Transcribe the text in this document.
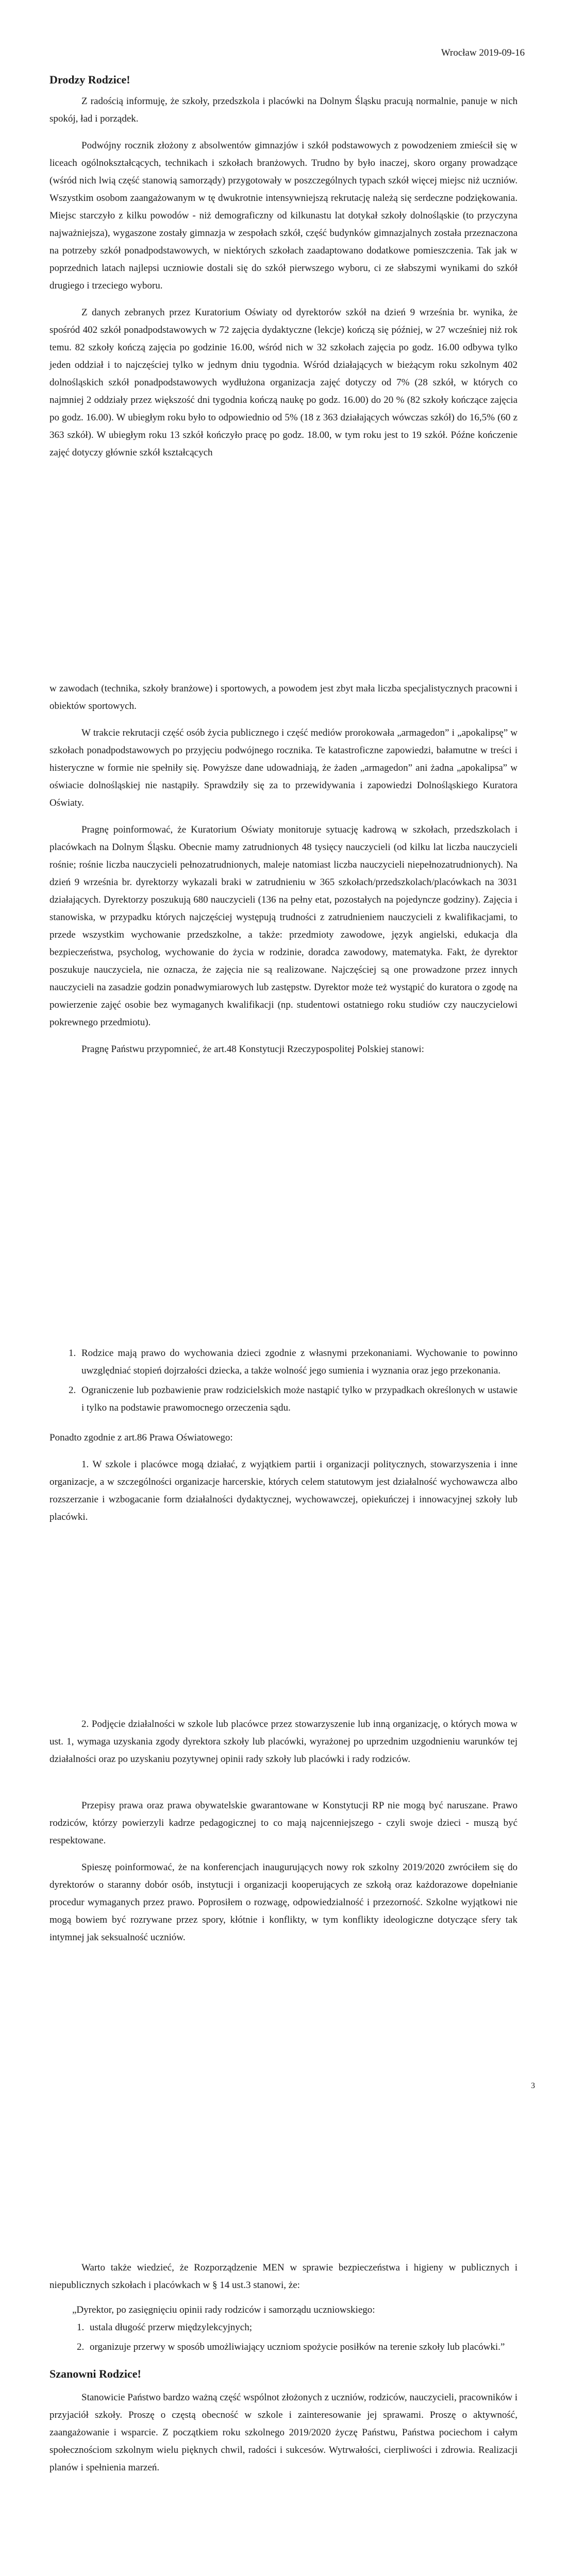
Wrocław 2019-09-16
Drodzy Rodzice!

Z radością informuję, że szkoły, przedszkola i placówki na Dolnym Śląsku pracują normalnie, panuje w nich spokój, ład i porządek.

Podwójny rocznik złożony z absolwentów gimnazjów i szkół podstawowych z powodzeniem zmieścił się w liceach ogólnokształcących, technikach i szkołach branżowych. Trudno by było inaczej, skoro organy prowadzące (wśród nich lwią część stanowią samorządy) przygotowały w poszczególnych typach szkół więcej miejsc niż uczniów. Wszystkim osobom zaangażowanym w tę dwukrotnie intensywniejszą rekrutację należą się serdeczne podziękowania. Miejsc starczyło z kilku powodów - niż demograficzny od kilkunastu lat dotykał szkoły dolnośląskie (to przyczyna najważniejsza), wygaszone zostały gimnazja w zespołach szkół, część budynków gimnazjalnych została przeznaczona na potrzeby szkół ponadpodstawowych, w niektórych szkołach zaadaptowano dodatkowe pomieszczenia. Tak jak w poprzednich latach najlepsi uczniowie dostali się do szkół pierwszego wyboru, ci ze słabszymi wynikami do szkół drugiego i trzeciego wyboru.

Z danych zebranych przez Kuratorium Oświaty od dyrektorów szkół na dzień 9 września br. wynika, że spośród 402 szkół ponadpodstawowych w 72 zajęcia dydaktyczne (lekcje) kończą się później, w 27 wcześniej niż rok temu. 82 szkoły kończą zajęcia po godzinie 16.00, wśród nich w 32 szkołach zajęcia po godz. 16.00 odbywa tylko jeden oddział i to najczęściej tylko w jednym dniu tygodnia. Wśród działających w bieżącym roku szkolnym 402 dolnośląskich szkół ponadpodstawowych wydłużona organizacja zajęć dotyczy od 7% (28 szkół, w których co najmniej 2 oddziały przez większość dni tygodnia kończą naukę po godz. 16.00) do 20 % (82 szkoły kończące zajęcia po godz. 16.00). W ubiegłym roku było to odpowiednio od 5% (18 z 363 działających wówczas szkół) do 16,5% (60 z 363 szkół). W ubiegłym roku 13 szkół kończyło pracę po godz. 18.00, w tym roku jest to 19 szkół. Późne kończenie zajęć dotyczy głównie szkół kształcących

w zawodach (technika, szkoły branżowe) i sportowych, a powodem jest zbyt mała liczba specjalistycznych pracowni i obiektów sportowych.

W trakcie rekrutacji część osób życia publicznego i część mediów prorokowała „armagedon” i „apokalipsę” w szkołach ponadpodstawowych po przyjęciu podwójnego rocznika. Te katastroficzne zapowiedzi, bałamutne w treści i histeryczne w formie nie spełniły się. Powyższe dane udowadniają, że żaden „armagedon” ani żadna „apokalipsa” w oświacie dolnośląskiej nie nastąpiły. Sprawdziły się za to przewidywania i zapowiedzi Dolnośląskiego Kuratora Oświaty.

Pragnę poinformować, że Kuratorium Oświaty monitoruje sytuację kadrową w szkołach, przedszkolach i placówkach na Dolnym Śląsku. Obecnie mamy zatrudnionych 48 tysięcy nauczycieli (od kilku lat liczba nauczycieli rośnie; rośnie liczba nauczycieli pełnozatrudnionych, maleje natomiast liczba nauczycieli niepełnozatrudnionych). Na dzień 9 września br. dyrektorzy wykazali braki w zatrudnieniu w 365 szkołach/przedszkolach/placówkach na 3031 działających. Dyrektorzy poszukują 680 nauczycieli (136 na pełny etat, pozostałych na pojedyncze godziny). Zajęcia i stanowiska, w przypadku których najczęściej występują trudności z zatrudnieniem nauczycieli z kwalifikacjami, to przede wszystkim wychowanie przedszkolne, a także: przedmioty zawodowe, język angielski, edukacja dla bezpieczeństwa, psycholog, wychowanie do życia w rodzinie, doradca zawodowy, matematyka. Fakt, że dyrektor poszukuje nauczyciela, nie oznacza, że zajęcia nie są realizowane. Najczęściej są one prowadzone przez innych nauczycieli na zasadzie godzin ponadwymiarowych lub zastępstw. Dyrektor może też wystąpić do kuratora o zgodę na powierzenie zajęć osobie bez wymaganych kwalifikacji (np. studentowi ostatniego roku studiów czy nauczycielowi pokrewnego przedmiotu).

Pragnę Państwu przypomnieć, że art.48 Konstytucji Rzeczypospolitej Polskiej stanowi:

1. Rodzice mają prawo do wychowania dzieci zgodnie z własnymi przekonaniami. Wychowanie to powinno uwzględniać stopień dojrzałości dziecka, a także wolność jego sumienia i wyznania oraz jego przekonania.
2. Ograniczenie lub pozbawienie praw rodzicielskich może nastąpić tylko w przypadkach określonych w ustawie i tylko na podstawie prawomocnego orzeczenia sądu.

Ponadto zgodnie z art.86 Prawa Oświatowego:

1. W szkole i placówce mogą działać, z wyjątkiem partii i organizacji politycznych, stowarzyszenia i inne organizacje, a w szczególności organizacje harcerskie, których celem statutowym jest działalność wychowawcza albo rozszerzanie i wzbogacanie form działalności dydaktycznej, wychowawczej, opiekuńczej i innowacyjnej szkoły lub placówki.

2. Podjęcie działalności w szkole lub placówce przez stowarzyszenie lub inną organizację, o których mowa w ust. 1, wymaga uzyskania zgody dyrektora szkoły lub placówki, wyrażonej po uprzednim uzgodnieniu warunków tej działalności oraz po uzyskaniu pozytywnej opinii rady szkoły lub placówki i rady rodziców.

Przepisy prawa oraz prawa obywatelskie gwarantowane w Konstytucji RP nie mogą być naruszane. Prawo rodziców, którzy powierzyli kadrze pedagogicznej to co mają najcenniejszego - czyli swoje dzieci - muszą być respektowane.

Spieszę poinformować, że na konferencjach inaugurujących nowy rok szkolny 2019/2020 zwróciłem się do dyrektorów o staranny dobór osób, instytucji i organizacji kooperujących ze szkołą oraz każdorazowe dopełnianie procedur wymaganych przez prawo. Poprosiłem o rozwagę, odpowiedzialność i przezorność. Szkolne wyjątkowi nie mogą bowiem być rozrywane przez spory, kłótnie i konflikty, w tym konflikty ideologiczne dotyczące sfery tak intymnej jak seksualność uczniów.

3

Warto także wiedzieć, że Rozporządzenie MEN w sprawie bezpieczeństwa i higieny w publicznych i niepublicznych szkołach i placówkach w § 14 ust.3 stanowi, że:

„Dyrektor, po zasięgnięciu opinii rady rodziców i samorządu uczniowskiego:

1. ustala długość przerw międzylekcyjnych;
2. organizuje przerwy w sposób umożliwiający uczniom spożycie posiłków na terenie szkoły lub placówki.”
Szanowni Rodzice!

Stanowicie Państwo bardzo ważną część wspólnot złożonych z uczniów, rodziców, nauczycieli, pracowników i przyjaciół szkoły. Proszę o częstą obecność w szkole i zainteresowanie jej sprawami. Proszę o aktywność, zaangażowanie i wsparcie. Z początkiem roku szkolnego 2019/2020 życzę Państwu, Państwa pociechom i całym społecznościom szkolnym wielu pięknych chwil, radości i sukcesów. Wytrwałości, cierpliwości i zdrowia. Realizacji planów i spełnienia marzeń.
